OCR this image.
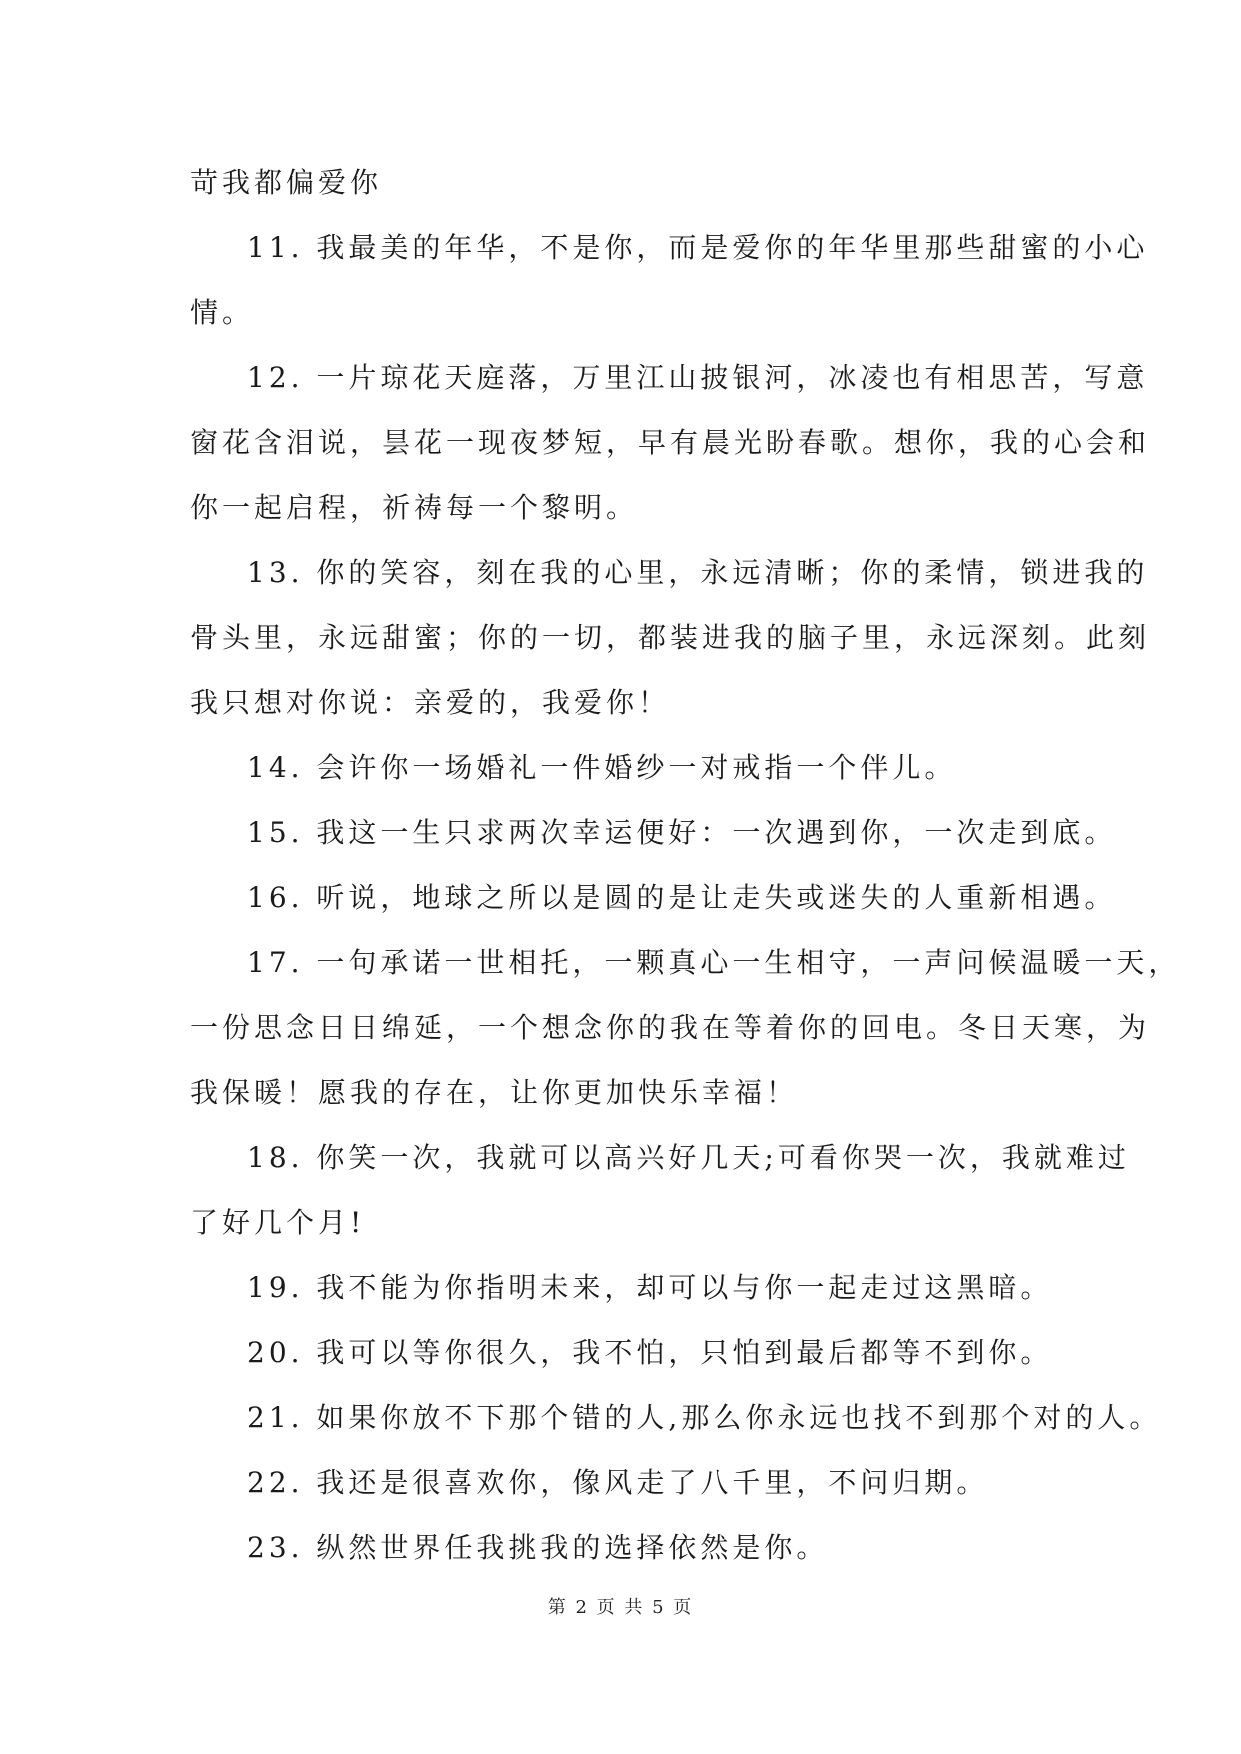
苛我都偏爱你
11. 我最美的年华，不是你，而是爱你的年华里那些甜蜜的小心
情。
12. 一片琼花天庭落，万里江山披银河，冰凌也有相思苦，写意
窗花含泪说，昙花一现夜梦短，早有晨光盼春歌。想你，我的心会和
你一起启程，祈祷每一个黎明。
13. 你的笑容，刻在我的心里，永远清晰；你的柔情，锁进我的
骨头里，永远甜蜜；你的一切，都装进我的脑子里，永远深刻。此刻
我只想对你说：亲爱的，我爱你！
14. 会许你一场婚礼一件婚纱一对戒指一个伴儿。
15. 我这一生只求两次幸运便好：一次遇到你，一次走到底。
16. 听说，地球之所以是圆的是让走失或迷失的人重新相遇。
17. 一句承诺一世相托，一颗真心一生相守，一声问候温暖一天，
一份思念日日绵延，一个想念你的我在等着你的回电。冬日天寒，为
我保暖！愿我的存在，让你更加快乐幸福！
18. 你笑一次，我就可以高兴好几天;可看你哭一次，我就难过
了好几个月!
19. 我不能为你指明未来，却可以与你一起走过这黑暗。
20. 我可以等你很久，我不怕，只怕到最后都等不到你。
21. 如果你放不下那个错的人,那么你永远也找不到那个对的人。
22. 我还是很喜欢你，像风走了八千里，不问归期。
23. 纵然世界任我挑我的选择依然是你。
第 2 页 共 5 页
